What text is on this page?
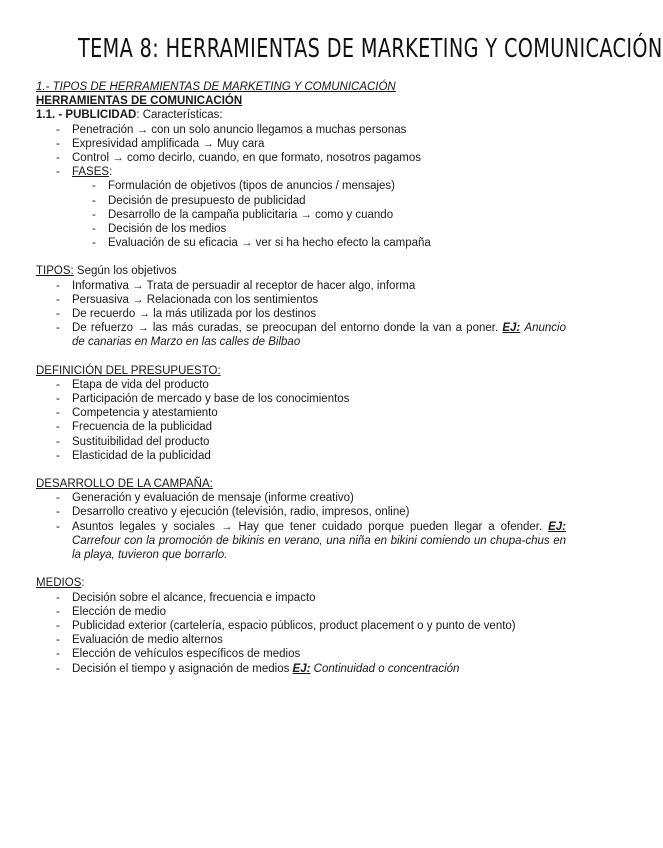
TEMA 8: HERRAMIENTAS DE MARKETING Y COMUNICACIÓN
1.- TIPOS DE HERRAMIENTAS DE MARKETING Y COMUNICACIÓN
HERRAMIENTAS DE COMUNICACIÓN
1.1. - PUBLICIDAD: Características:
- Penetración → con un solo anuncio llegamos a muchas personas
- Expresividad amplificada → Muy cara
- Control → como decirlo, cuando, en que formato, nosotros pagamos
- FASES:
- Formulación de objetivos (tipos de anuncios / mensajes)
- Decisión de presupuesto de publicidad
- Desarrollo de la campaña publicitaria → como y cuando
- Decisión de los medios
- Evaluación de su eficacia → ver si ha hecho efecto la campaña
TIPOS: Según los objetivos
- Informativa → Trata de persuadir al receptor de hacer algo, informa
- Persuasiva → Relacionada con los sentimientos
- De recuerdo → la más utilizada por los destinos
- De refuerzo → las más curadas, se preocupan del entorno donde la van a poner. EJ: Anuncio de canarias en Marzo en las calles de Bilbao
DEFINICIÓN DEL PRESUPUESTO:
- Etapa de vida del producto
- Participación de mercado y base de los conocimientos
- Competencia y atestamiento
- Frecuencia de la publicidad
- Sustituibilidad del producto
- Elasticidad de la publicidad
DESARROLLO DE LA CAMPAÑA:
- Generación y evaluación de mensaje (informe creativo)
- Desarrollo creativo y ejecución (televisión, radio, impresos, online)
- Asuntos legales y sociales → Hay que tener cuidado porque pueden llegar a ofender. EJ: Carrefour con la promoción de bikinis en verano, una niña en bikini comiendo un chupa-chus en la playa, tuvieron que borrarlo.
MEDIOS:
- Decisión sobre el alcance, frecuencia e impacto
- Elección de medio
- Publicidad exterior (cartelería, espacio públicos, product placement o y punto de vento)
- Evaluación de medio alternos
- Elección de vehículos específicos de medios
- Decisión el tiempo y asignación de medios EJ: Continuidad o concentración
